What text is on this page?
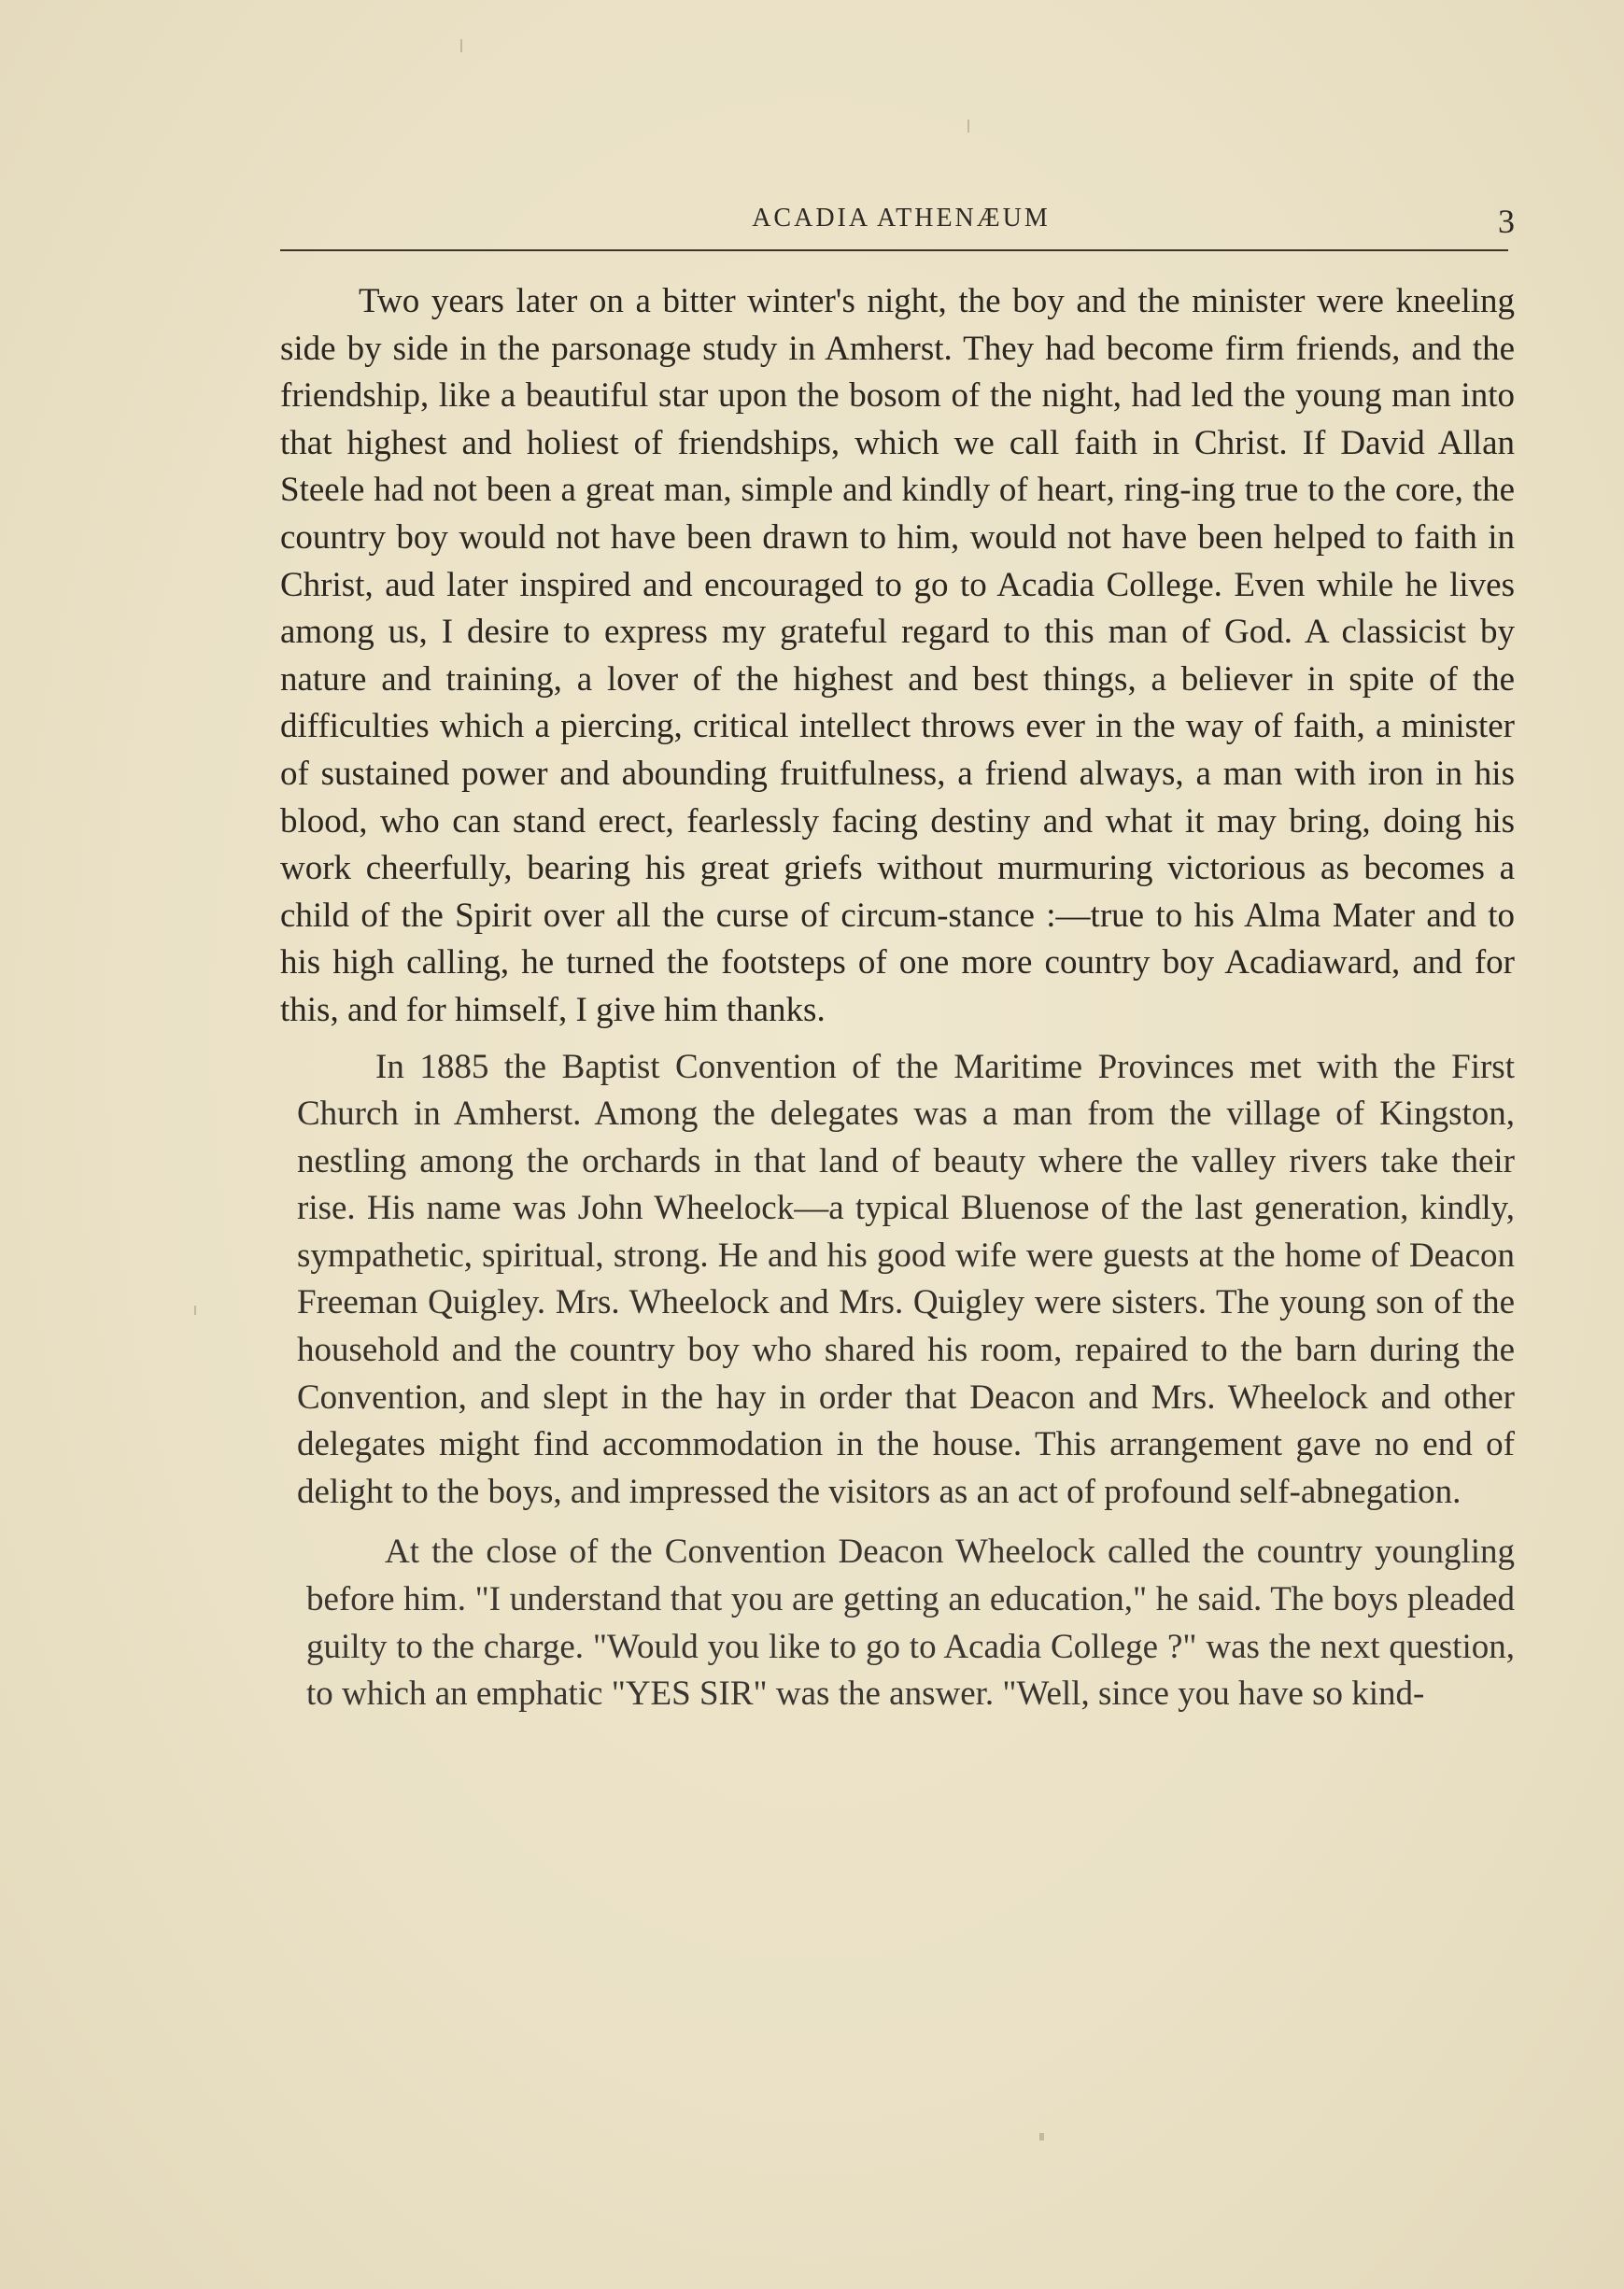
ACADIA ATHENÆUM	3

Two years later on a bitter winter's night, the boy and the minister were kneeling side by side in the parsonage study in Amherst. They had become firm friends, and the friendship, like a beautiful star upon the bosom of the night, had led the young man into that highest and holiest of friendships, which we call faith in Christ. If David Allan Steele had not been a great man, simple and kindly of heart, ring-ing true to the core, the country boy would not have been drawn to him, would not have been helped to faith in Christ, aud later inspired and encouraged to go to Acadia College. Even while he lives among us, I desire to express my grateful regard to this man of God. A classicist by nature and training, a lover of the highest and best things, a believer in spite of the difficulties which a piercing, critical intellect throws ever in the way of faith, a minister of sustained power and abounding fruitfulness, a friend always, a man with iron in his blood, who can stand erect, fearlessly facing destiny and what it may bring, doing his work cheerfully, bearing his great griefs without murmuring victorious as becomes a child of the Spirit over all the curse of circum-stance :—true to his Alma Mater and to his high calling, he turned the footsteps of one more country boy Acadiaward, and for this, and for himself, I give him thanks.

In 1885 the Baptist Convention of the Maritime Provinces met with the First Church in Amherst. Among the delegates was a man from the village of Kingston, nestling among the orchards in that land of beauty where the valley rivers take their rise. His name was John Wheelock—a typical Bluenose of the last generation, kindly, sympathetic, spiritual, strong. He and his good wife were guests at the home of Deacon Freeman Quigley. Mrs. Wheelock and Mrs. Quigley were sisters. The young son of the household and the country boy who shared his room, repaired to the barn during the Convention, and slept in the hay in order that Deacon and Mrs. Wheelock and other delegates might find accommodation in the house. This arrangement gave no end of delight to the boys, and impressed the visitors as an act of profound self-abnegation.

At the close of the Convention Deacon Wheelock called the country youngling before him. "I understand that you are getting an education," he said. The boys pleaded guilty to the charge. "Would you like to go to Acadia College ?" was the next question, to which an emphatic "YES SIR" was the answer. "Well, since you have so kind-
